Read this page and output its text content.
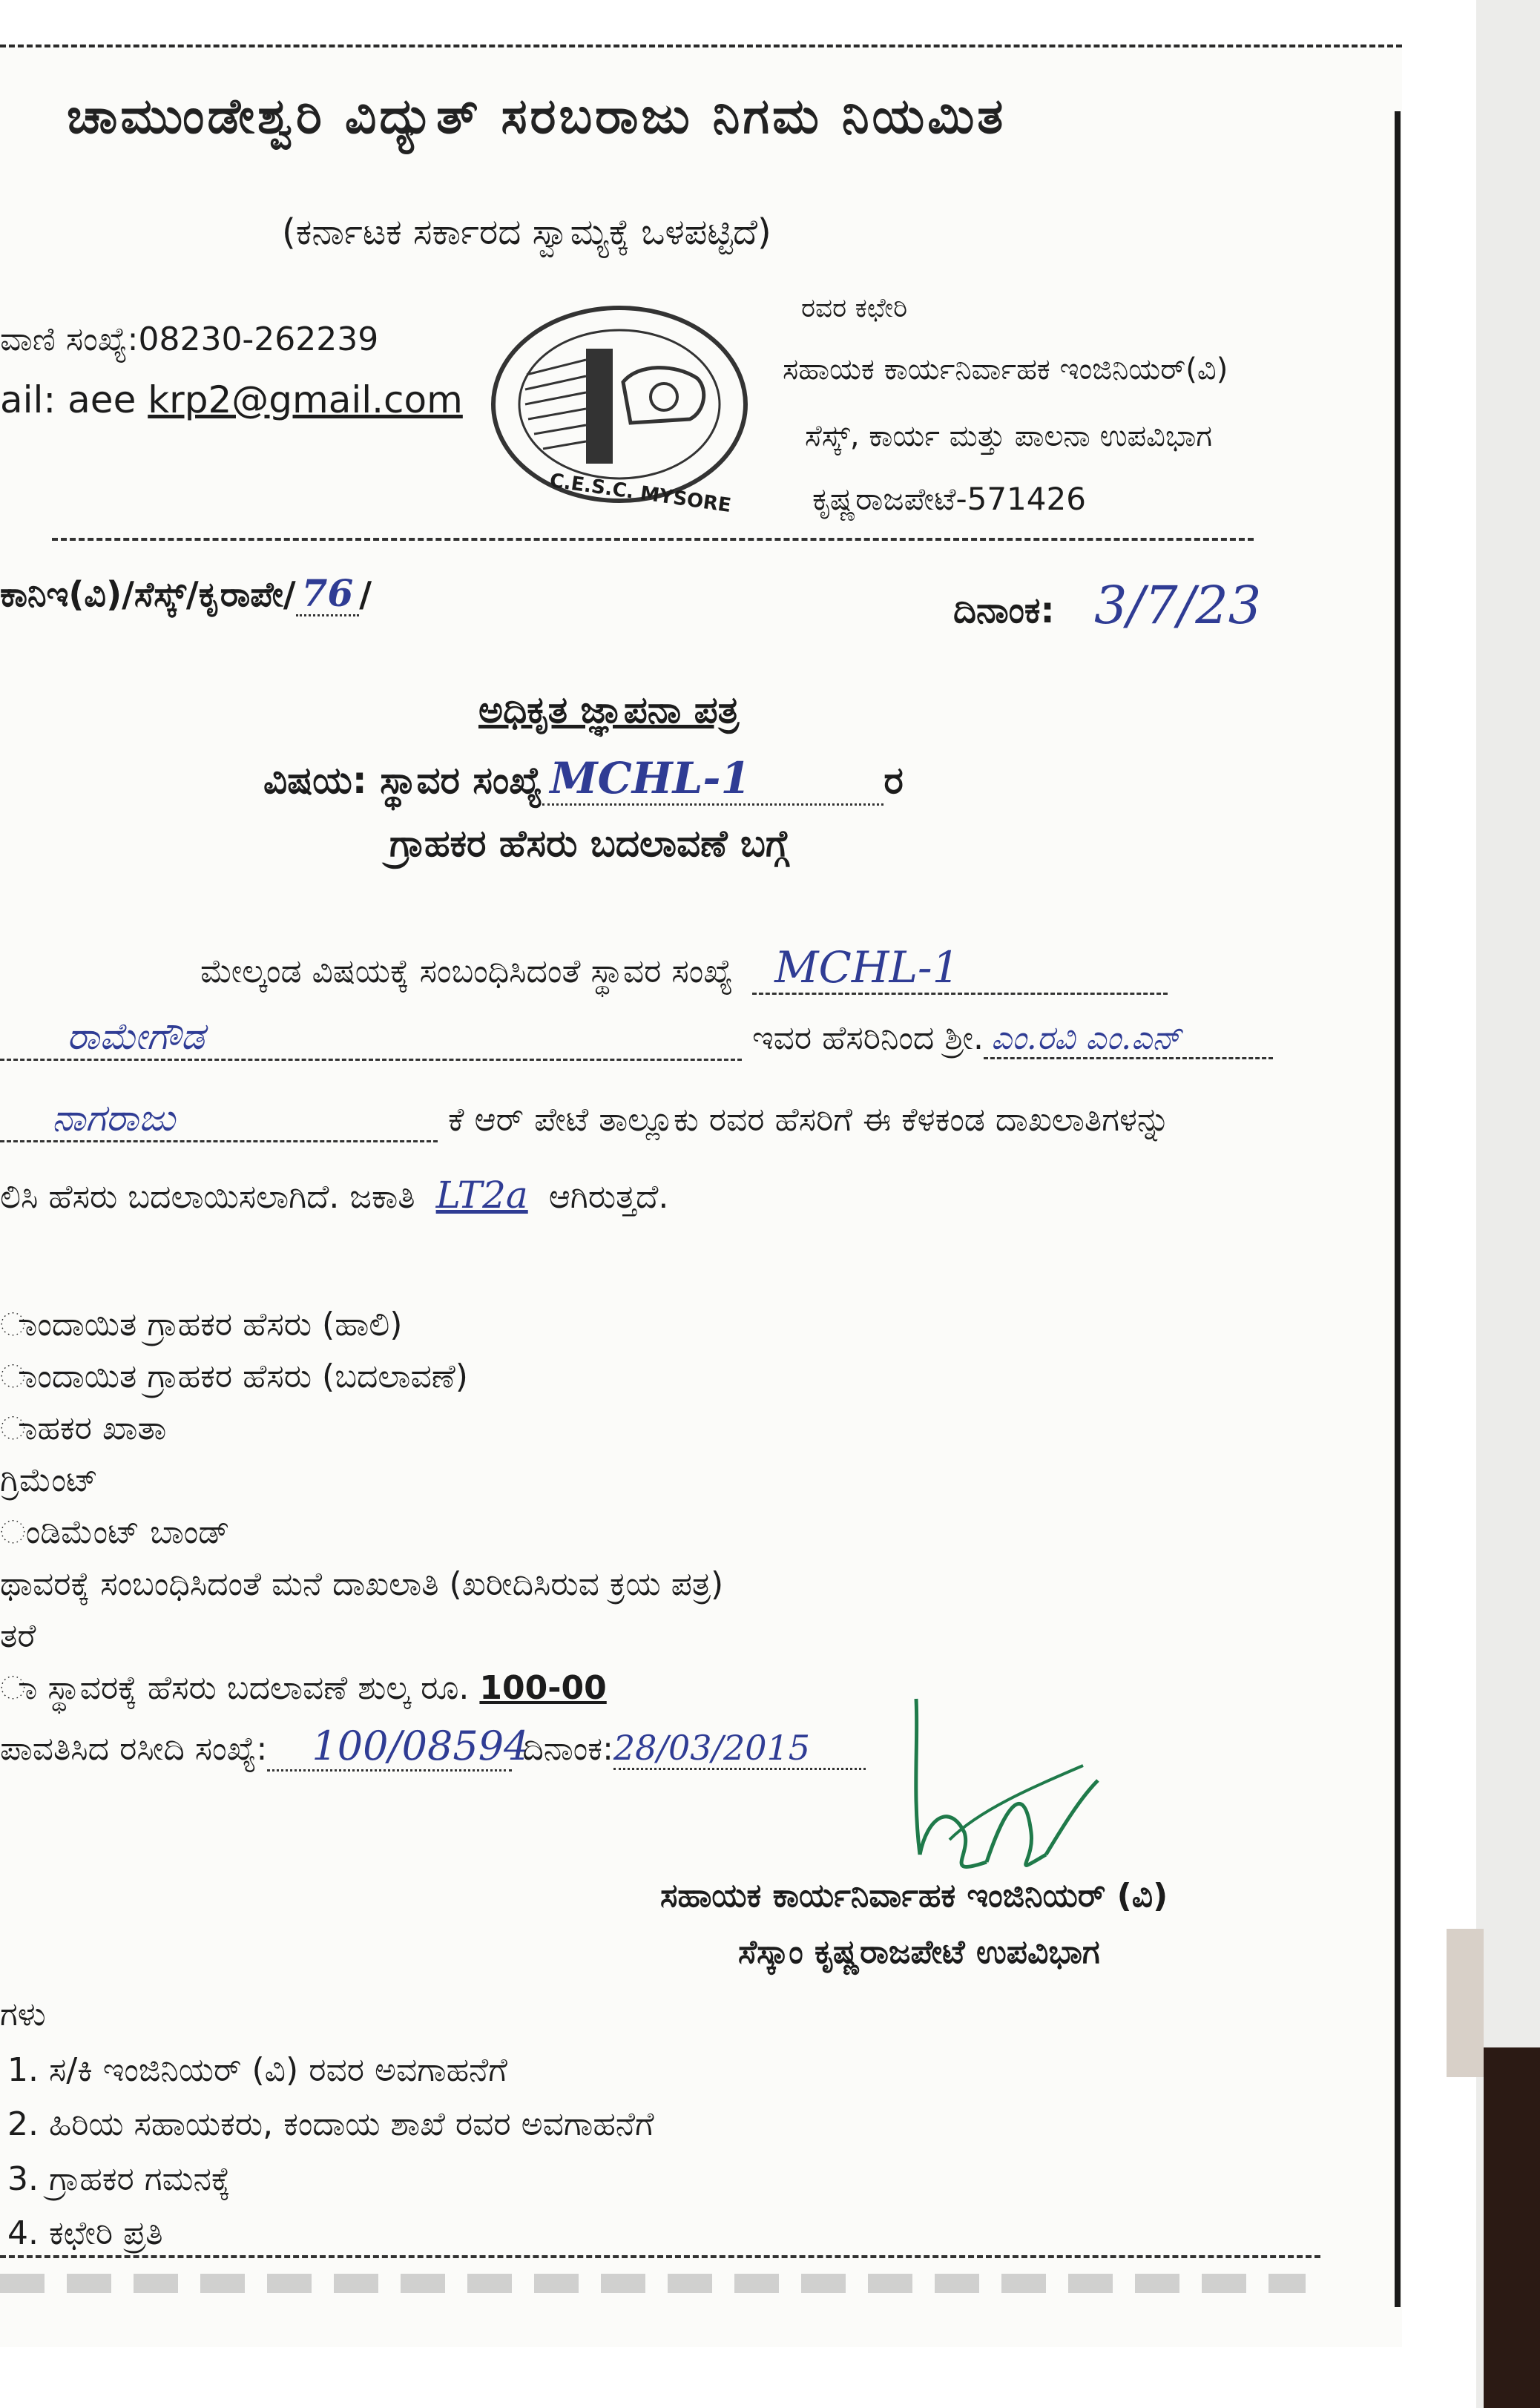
ಚಾಮುಂಡೇಶ್ವರಿ ವಿದ್ಯುತ್ ಸರಬರಾಜು ನಿಗಮ ನಿಯಮಿತ
(ಕರ್ನಾಟಕ ಸರ್ಕಾರದ ಸ್ವಾಮ್ಯಕ್ಕೆ ಒಳಪಟ್ಟಿದೆ)
ವಾಣಿ ಸಂಖ್ಯೆ:08230-262239
ail: aee krp2@gmail.com
C.E.S.C. MYSORE
ರವರ ಕಛೇರಿ
ಸಹಾಯಕ ಕಾರ್ಯನಿರ್ವಾಹಕ ಇಂಜಿನಿಯರ್(ವಿ)
ಸೆಸ್ಕ್, ಕಾರ್ಯ ಮತ್ತು ಪಾಲನಾ ಉಪವಿಭಾಗ
ಕೃಷ್ಣರಾಜಪೇಟೆ-571426
ಕಾನಿಇ(ವಿ)/ಸೆಸ್ಕ್/ಕೃರಾಪೇ/ 76 /	ದಿನಾಂಕ: 3/7/23
ಅಧಿಕೃತ ಜ್ಞಾಪನಾ ಪತ್ರ
ವಿಷಯ: ಸ್ಥಾವರ ಸಂಖ್ಯೆ MCHL-1	ರ
ಗ್ರಾಹಕರ ಹೆಸರು ಬದಲಾವಣೆ ಬಗ್ಗೆ
ಮೇಲ್ಕಂಡ ವಿಷಯಕ್ಕೆ ಸಂಬಂಧಿಸಿದಂತೆ ಸ್ಥಾವರ ಸಂಖ್ಯೆ MCHL-1
ರಾಮೇಗೌಡ	ಇವರ ಹೆಸರಿನಿಂದ ಶ್ರೀ. ಎಂ.ರವಿ ಎಂ.ಎನ್
ನಾಗರಾಜು	ಕೆ ಆರ್ ಪೇಟೆ ತಾಲ್ಲೂಕು ರವರ ಹೆಸರಿಗೆ ಈ ಕೆಳಕಂಡ ದಾಖಲಾತಿಗಳನ್ನು
ಲಿಸಿ ಹೆಸರು ಬದಲಾಯಿಸಲಾಗಿದೆ. ಜಕಾತಿ LT2a ಆಗಿರುತ್ತದೆ.
ಾಂದಾಯಿತ ಗ್ರಾಹಕರ ಹೆಸರು (ಹಾಲಿ)
ಾಂದಾಯಿತ ಗ್ರಾಹಕರ ಹೆಸರು (ಬದಲಾವಣೆ)
ಾಹಕರ ಖಾತಾ
ಗ್ರಿಮೆಂಟ್
ಂಡಿಮೆಂಟ್ ಬಾಂಡ್
ಥಾವರಕ್ಕೆ ಸಂಬಂಧಿಸಿದಂತೆ ಮನೆ ದಾಖಲಾತಿ (ಖರೀದಿಸಿರುವ ಕ್ರಯ ಪತ್ರ)
ತರೆ
ಾ ಸ್ಥಾವರಕ್ಕೆ ಹೆಸರು ಬದಲಾವಣೆ ಶುಲ್ಕ ರೂ. 100-00
ಪಾವತಿಸಿದ ರಸೀದಿ ಸಂಖ್ಯೆ: 100/08594 ದಿನಾಂಕ:28/03/2015
ಸಹಾಯಕ ಕಾರ್ಯನಿರ್ವಾಹಕ ಇಂಜಿನಿಯರ್ (ವಿ)
ಸೆಸ್ಕಾಂ ಕೃಷ್ಣರಾಜಪೇಟೆ ಉಪವಿಭಾಗ
ಗಳು
1. ಸ/ಕಿ ಇಂಜಿನಿಯರ್ (ವಿ) ರವರ ಅವಗಾಹನೆಗೆ
2. ಹಿರಿಯ ಸಹಾಯಕರು, ಕಂದಾಯ ಶಾಖೆ ರವರ ಅವಗಾಹನೆಗೆ
3. ಗ್ರಾಹಕರ ಗಮನಕ್ಕೆ
4. ಕಛೇರಿ ಪ್ರತಿ
